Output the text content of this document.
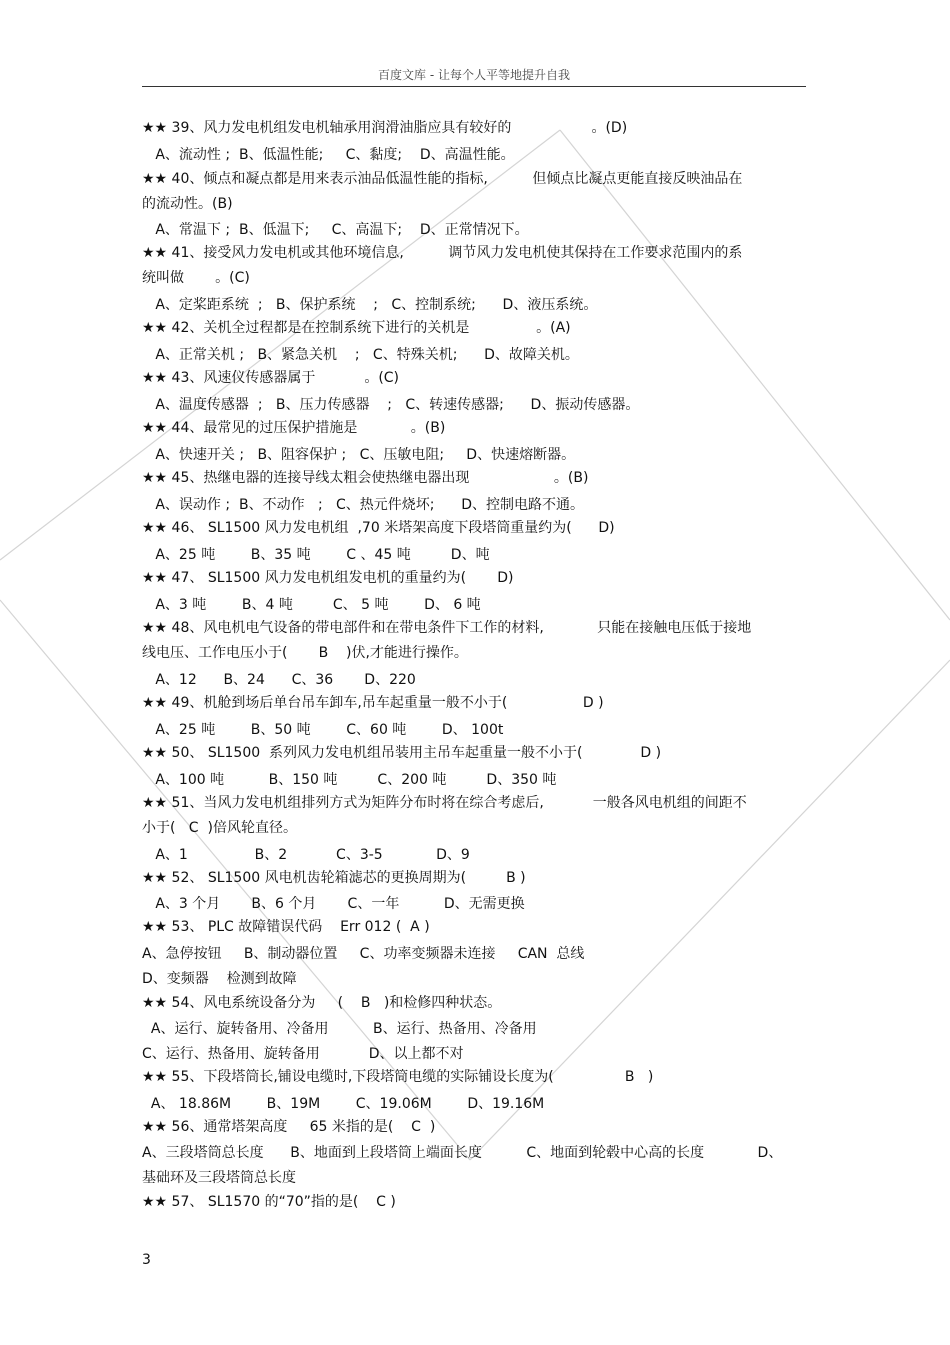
百度文库 - 让每个人平等地提升自我
★★ 39、风力发电机组发电机轴承用润滑油脂应具有较好的                  。(D)
A、流动性 ;  B、低温性能;     C、黏度;    D、高温性能。
★★ 40、倾点和凝点都是用来表示油品低温性能的指标,          但倾点比凝点更能直接反映油品在
的流动性。(B)
A、常温下 ;  B、低温下;     C、高温下;    D、正常情况下。
★★ 41、接受风力发电机或其他环境信息,          调节风力发电机使其保持在工作要求范围内的系
统叫做       。(C)
A、定桨距系统  ;   B、保护系统    ;   C、控制系统;      D、液压系统。
★★ 42、关机全过程都是在控制系统下进行的关机是               。(A)
A、正常关机 ;   B、紧急关机    ;   C、特殊关机;      D、故障关机。
★★ 43、风速仪传感器属于           。(C)
A、温度传感器  ;   B、压力传感器    ;   C、转速传感器;      D、振动传感器。
★★ 44、最常见的过压保护措施是            。(B)
A、快速开关 ;   B、阻容保护 ;   C、压敏电阻;     D、快速熔断器。
★★ 45、热继电器的连接导线太粗会使热继电器出现                   。(B)
A、误动作 ;  B、不动作   ;   C、热元件烧坏;      D、控制电路不通。
★★ 46、 SL1500 风力发电机组  ,70 米塔架高度下段塔筒重量约为(      D)
A、25 吨        B、35 吨        C 、45 吨         D、吨
★★ 47、 SL1500 风力发电机组发电机的重量约为(       D)
A、3 吨        B、4 吨         C、 5 吨        D、 6 吨
★★ 48、风电机电气设备的带电部件和在带电条件下工作的材料,            只能在接触电压低于接地
线电压、工作电压小于(       B    )伏,才能进行操作。
A、12      B、24      C、36       D、220
★★ 49、机舱到场后单台吊车卸车,吊车起重量一般不小于(                 D )
A、25 吨        B、50 吨        C、60 吨        D、 100t
★★ 50、 SL1500  系列风力发电机组吊装用主吊车起重量一般不小于(             D )
A、100 吨          B、150 吨         C、200 吨         D、350 吨
★★ 51、当风力发电机组排列方式为矩阵分布时将在综合考虑后,           一般各风电机组的间距不
小于(   C  )倍风轮直径。
A、1               B、2           C、3-5            D、9
★★ 52、 SL1500 风电机齿轮箱滤芯的更换周期为(         B )
A、3 个月       B、6 个月       C、一年          D、无需更换
★★ 53、 PLC 故障错误代码    Err 012 (  A )
A、急停按钮     B、制动器位置     C、功率变频器未连接     CAN  总线
D、变频器    检测到故障
★★ 54、风电系统设备分为     (    B   )和检修四种状态。
A、运行、旋转备用、冷备用          B、运行、热备用、冷备用
C、运行、热备用、旋转备用           D、以上都不对
★★ 55、下段塔筒长,铺设电缆时,下段塔筒电缆的实际铺设长度为(                B   )
A、 18.86M        B、19M        C、19.06M        D、19.16M
★★ 56、通常塔架高度     65 米指的是(    C  )
A、三段塔筒总长度      B、地面到上段塔筒上端面长度          C、地面到轮毂中心高的长度            D、
基础环及三段塔筒总长度
★★ 57、 SL1570 的“70”指的是(    C )
3
